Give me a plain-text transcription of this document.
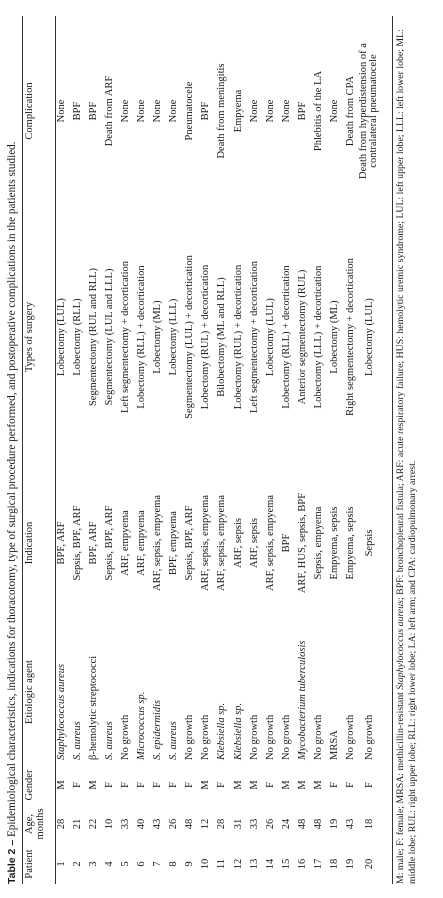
Table 2 – Epidemiological characteristics, indications for thoracotomy, type of surgical procedure performed, and postoperative complications in the patients studied.
Patient	Age, months	Gender	Etiologic agent	Indication	Types of surgery	Complication
1	28	M	Staphylococcus aureus	BPF, ARF	Lobectomy (LUL)	None
2	21	F	S. aureus	Sepsis, BPF, ARF	Lobectomy (RLL)	BPF
3	22	M	β-hemolytic streptococci	BPF, ARF	Segmentectomy (RUL and RLL)	BPF
4	10	F	S. aureus	Sepsis, BPF, ARF	Segmentectomy (LUL and LLL)	Death from ARF
5	33	F	No growth	ARF, empyema	Left segmentectomy + decortication	None
6	40	F	Micrococcus sp.	ARF, empyema	Lobectomy (RLL) + decortication	None
7	43	F	S. epidermidis	ARF, sepsis, empyema	Lobectomy (ML)	None
8	26	F	S. aureus	BPF, empyema	Lobectomy (LLL)	None
9	48	F	No growth	Sepsis, BPF, ARF	Segmentectomy (LUL) + decortication	Pneumatocele
10	12	M	No growth	ARF, sepsis, empyema	Lobectomy (RUL) + decortication	BPF
11	28	F	Klebsiella sp.	ARF, sepsis, empyema	Bilobectomy (ML and RLL)	Death from meningitis
12	31	M	Klebsiella sp.	ARF, sepsis	Lobectomy (RUL) + decortication	Empyema
13	33	M	No growth	ARF, sepsis	Left segmentectomy + decortication	None
14	26	F	No growth	ARF, sepsis, empyema	Lobectomy (LUL)	None
15	24	M	No growth	BPF	Lobectomy (RLL) + decortication	None
16	48	M	Mycobacterium tuberculosis	ARF, HUS, sepsis, BPF	Anterior segmentectomy (RUL)	BPF
17	48	M	No growth	Sepsis, empyema	Lobectomy (LLL) + decortication	Phlebitis of the LA
18	19	F	MRSA	Empyema, sepsis	Lobectomy (ML)	None
19	43	F	No growth	Empyema, sepsis	Right segmentectomy + decortication	Death from CPA
20	18	F	No growth	Sepsis	Lobectomy (LUL)	Death from hyperdistension of a contralateral pneumatocele
M: male; F: female; MRSA: methicillin-resistant Staphylococcus aureus; BPF: bronchopleural fistula; ARF: acute respiratory failure; HUS: hemolytic uremic syndrome; LUL: left upper lobe; LLL: left lower lobe; ML: middle lobe; RUL: right upper lobe; RLL: right lower lobe; LA: left arm; and CPA: cardiopulmonary arrest.
